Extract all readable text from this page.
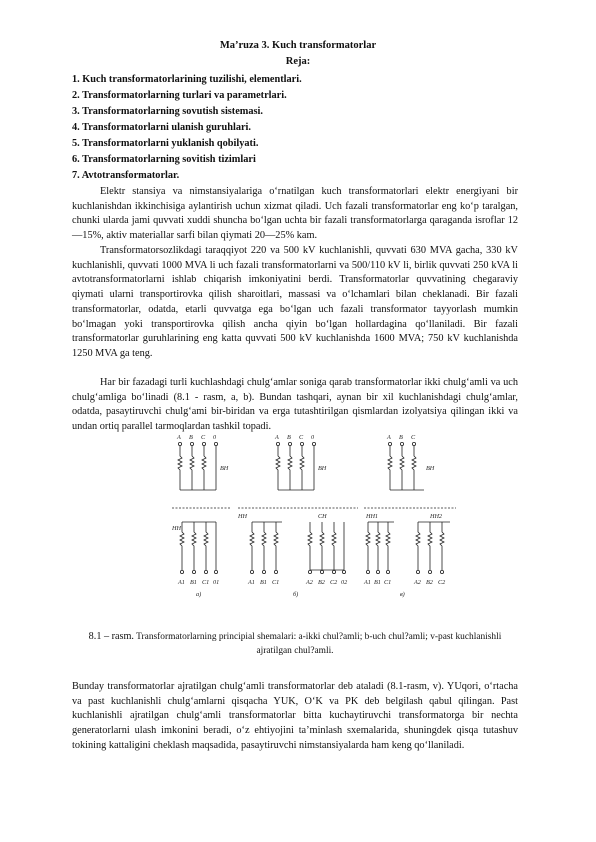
Ma’ruza 3. Kuch transformatorlar
Reja:
1. Kuch transformatorlarining tuzilishi, elementlari.
2. Transformatorlarning turlari va parametrlari.
3. Transformatorlarning sovutish sistemasi.
4. Transformatorlarni ulanish guruhlari.
5. Transformatorlarni yuklanish qobilyati.
6. Transformatorlarning sovitish tizimlari
7. Avtotransformatorlar.

Elektr stansiya va nimstansiyalariga o‘rnatilgan kuch transformatorlari elektr energiyani bir kuchlanishdan ikkinchisiga aylantirish uchun xizmat qiladi. Uch fazali transformatorlar eng ko‘p taralgan, chunki ularda jami quvvati xuddi shuncha bo‘lgan uchta bir fazali transformatorlarga qaraganda isroflar 12—15%, aktiv materiallar sarfi bilan qiymati 20—25% kam.

Transformatorsozlikdagi taraqqiyot 220 va 500 kV kuchlanishli, quvvati 630 MVA gacha, 330 kV kuchlanishli, quvvati 1000 MVA li uch fazali transformatorlarni va 500/110 kV li, birlik quvvati 250 kVA li avtotransformatorlarni ishlab chiqarish imkoniyatini berdi. Transformatorlar quvvatining chegaraviy qiymati ularni transportirovka qilish sharoitlari, massasi va o‘lchamlari bilan cheklanadi. Bir fazali transformatorlar, odatda, etarli quvvatga ega bo‘lgan uch fazali transformator tayyorlash mumkin bo‘lmagan yoki transportirovka qilish ancha qiyin bo‘lgan hollardagina qo‘llaniladi. Bir fazali transformatorlar guruhlarining eng katta quvvati 500 kV kuchlanishda 1600 MVA; 750 kV kuchlanishda 1250 MVA ga teng.

Har bir fazadagi turli kuchlashdagi chulg‘amlar soniga qarab transformatorlar ikki chulg‘amli va uch chulg‘amliga bo‘linadi (8.1 - rasm, a, b). Bundan tashqari, aynan bir xil kuchlanishdagi chulg‘amlar, odatda, pasaytiruvchi chulg‘ami bir-biridan va erga tutashtirilgan qismlardan izolyatsiya qilingan ikki va undan ortiq parallel tarmoqlardan tashkil topadi.

A B C 0
BH
HH
A1 B1 C1 01
a)
A B C 0
BH
HH	CH
A1 B1 C1	A2 B2 C2 02
б)
A B C
BH
HH1	HH2
A1 B1 C1	A2 B2 C2
в)
8.1 – rasm. Transformatorlarning principial shemalari: a-ikki chul?amli; b-uch chul?amli; v-past kuchlanishli ajratilgan chul?amli.

Bunday transformatorlar ajratilgan chulg‘amli transformatorlar deb ataladi (8.1-rasm, v). YUqori, o‘rtacha va past kuchlanishli chulg‘amlarni qisqacha YUK, O‘K va PK deb belgilash qabul qilingan. Past kuchlanishli ajratilgan chulg‘amli transformatorlar bitta kuchaytiruvchi transformatorga bir nechta generatorlarni ulash imkonini beradi, o‘z ehtiyojini ta’minlash sxemalarida, shuningdek qisqa tutashuv tokining kattaligini cheklash maqsadida, pasaytiruvchi nimstansiyalarda ham keng qo‘llaniladi.
